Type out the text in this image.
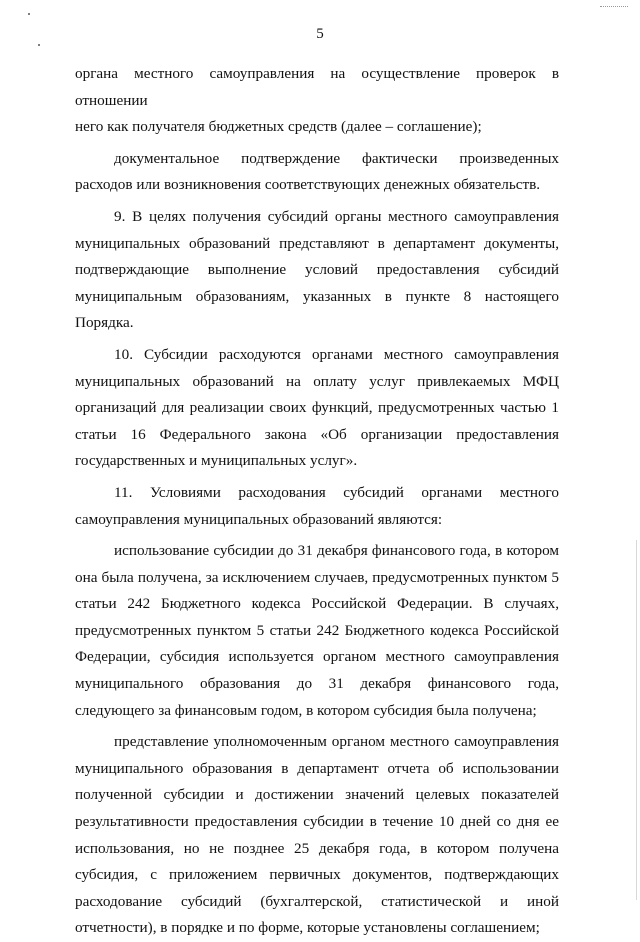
5

органа местного самоуправления на осуществление проверок в отношении

него как получателя бюджетных средств (далее – соглашение);

документальное подтверждение фактически произведенных

расходов или возникновения соответствующих денежных обязательств.

9. В целях получения субсидий органы местного самоуправления

муниципальных образований представляют в департамент документы,

подтверждающие выполнение условий предоставления субсидий

муниципальным образованиям, указанных в пункте 8 настоящего Порядка.

10. Субсидии расходуются органами местного самоуправления

муниципальных образований на оплату услуг привлекаемых МФЦ

организаций для реализации своих функций, предусмотренных частью 1

статьи 16 Федерального закона «Об организации предоставления

государственных и муниципальных услуг».

11. Условиями расходования субсидий органами местного

самоуправления муниципальных образований являются:

использование субсидии до 31 декабря финансового года, в котором

она была получена, за исключением случаев, предусмотренных пунктом 5

статьи 242 Бюджетного кодекса Российской Федерации. В случаях,

предусмотренных пунктом 5 статьи 242 Бюджетного кодекса Российской

Федерации, субсидия используется органом местного самоуправления

муниципального образования до 31 декабря финансового года,

следующего за финансовым годом, в котором субсидия была получена;

представление уполномоченным органом местного самоуправления

муниципального образования в департамент отчета об использовании

полученной субсидии и достижении значений целевых показателей

результативности предоставления субсидии в течение 10 дней со дня ее

использования, но не позднее 25 декабря года, в котором получена

субсидия, с приложением первичных документов, подтверждающих

расходование субсидий (бухгалтерской, статистической и иной

отчетности), в порядке и по форме, которые установлены соглашением;
